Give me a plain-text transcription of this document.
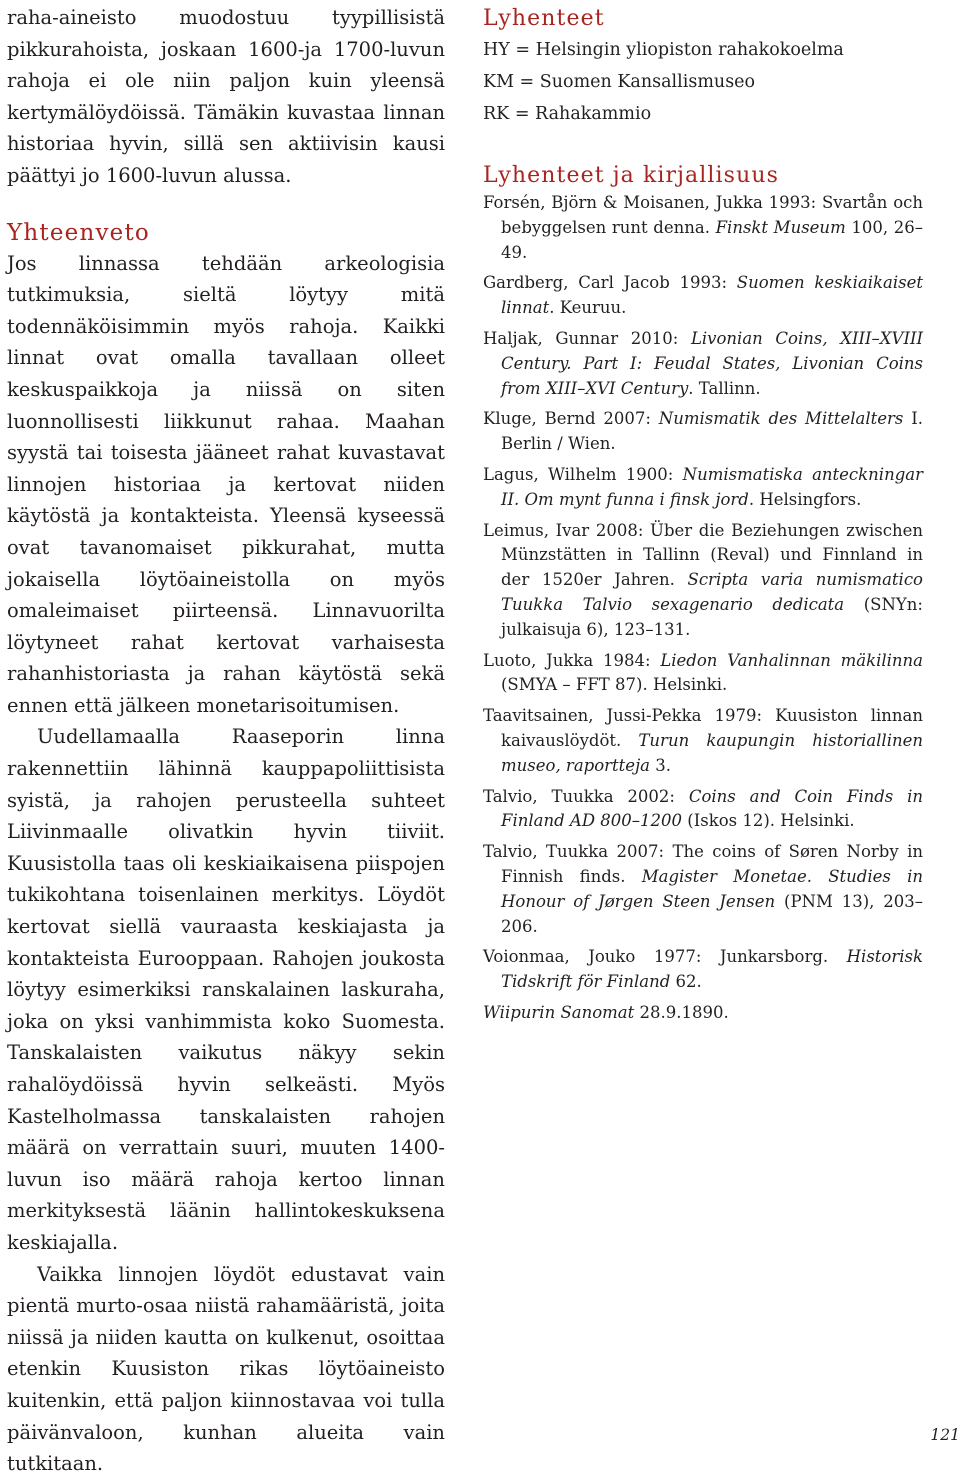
raha-aineisto muodostuu tyypillisistä pikkurahoista, joskaan 1600-ja 1700-luvun rahoja ei ole niin paljon kuin yleensä kertymälöydöissä. Tämäkin kuvastaa linnan historiaa hyvin, sillä sen aktiivisin kausi päättyi jo 1600-luvun alussa.

Yhteenveto

Jos linnassa tehdään arkeologisia tutkimuksia, sieltä löytyy mitä todennäköisimmin myös rahoja. Kaikki linnat ovat omalla tavallaan olleet keskuspaikkoja ja niissä on siten luonnollisesti liikkunut rahaa. Maahan syystä tai toisesta jääneet rahat kuvastavat linnojen historiaa ja kertovat niiden käytöstä ja kontakteista. Yleensä kyseessä ovat tavanomaiset pikkurahat, mutta jokaisella löytöaineistolla on myös omaleimaiset piirteensä. Linnavuorilta löytyneet rahat kertovat varhaisesta rahanhistoriasta ja rahan käytöstä sekä ennen että jälkeen monetarisoitumisen.

Uudellamaalla Raaseporin linna rakennettiin lähinnä kauppapoliittisista syistä, ja rahojen perusteella suhteet Liivinmaalle olivatkin hyvin tiiviit. Kuusistolla taas oli keskiaikaisena piispojen tukikohtana toisenlainen merkitys. Löydöt kertovat siellä vauraasta keskiajasta ja kontakteista Eurooppaan. Rahojen joukosta löytyy esimerkiksi ranskalainen laskuraha, joka on yksi vanhimmista koko Suomesta. Tanskalaisten vaikutus näkyy sekin rahalöydöissä hyvin selkeästi. Myös Kastelholmassa tanskalaisten rahojen määrä on verrattain suuri, muuten 1400-luvun iso määrä rahoja kertoo linnan merkityksestä läänin hallintokeskuksena keskiajalla.

Vaikka linnojen löydöt edustavat vain pientä murto-osaa niistä rahamääristä, joita niissä ja niiden kautta on kulkenut, osoittaa etenkin Kuusiston rikas löytöaineisto kuitenkin, että paljon kiinnostavaa voi tulla päivänvaloon, kunhan alueita vain tutkitaan.

Lyhenteet

HY = Helsingin yliopiston rahakokoelma

KM = Suomen Kansallismuseo

RK = Rahakammio

Lyhenteet ja kirjallisuus

Forsén, Björn & Moisanen, Jukka 1993: Svartån och bebyggelsen runt denna. Finskt Museum 100, 26–49.

Gardberg, Carl Jacob 1993: Suomen keskiaikaiset linnat. Keuruu.

Haljak, Gunnar 2010: Livonian Coins, XIII–XVIII Century. Part I: Feudal States, Livonian Coins from XIII–XVI Century. Tallinn.

Kluge, Bernd 2007: Numismatik des Mittelalters I. Berlin / Wien.

Lagus, Wilhelm 1900: Numismatiska anteckningar II. Om mynt funna i finsk jord. Helsingfors.

Leimus, Ivar 2008: Über die Beziehungen zwischen Münzstätten in Tallinn (Reval) und Finnland in der 1520er Jahren. Scripta varia numismatico Tuukka Talvio sexagenario dedicata (SNYn: julkaisuja 6), 123–131.

Luoto, Jukka 1984: Liedon Vanhalinnan mäkilinna (SMYA – FFT 87). Helsinki.

Taavitsainen, Jussi-Pekka 1979: Kuusiston linnan kaivauslöydöt. Turun kaupungin historiallinen museo, raportteja 3.

Talvio, Tuukka 2002: Coins and Coin Finds in Finland AD 800–1200 (Iskos 12). Helsinki.

Talvio, Tuukka 2007: The coins of Søren Norby in Finnish finds. Magister Monetae. Studies in Honour of Jørgen Steen Jensen (PNM 13), 203–206.

Voionmaa, Jouko 1977: Junkarsborg. Historisk Tidskrift för Finland 62.

Wiipurin Sanomat 28.9.1890.

121
